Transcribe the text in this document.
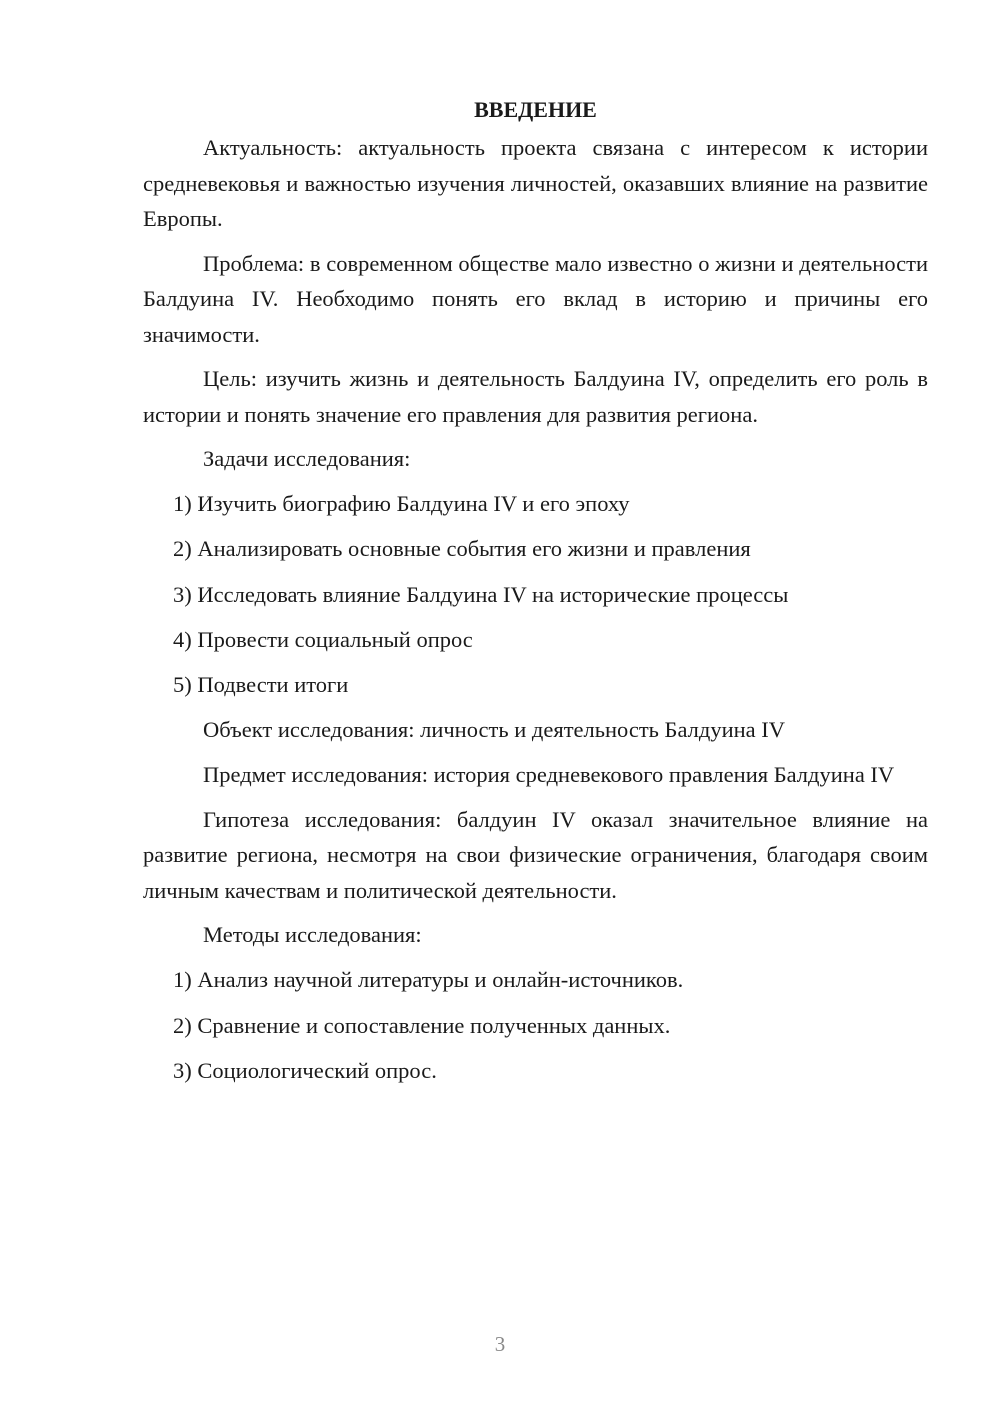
ВВЕДЕНИЕ

Актуальность: актуальность проекта связана с интересом к истории средневековья и важностью изучения личностей, оказавших влияние на развитие Европы.

Проблема: в современном обществе мало известно о жизни и деятельности Балдуина IV. Необходимо понять его вклад в историю и причины его значимости.

Цель: изучить жизнь и деятельность Балдуина IV, определить его роль в истории и понять значение его правления для развития региона.

Задачи исследования:

1) Изучить биографию Балдуина IV и его эпоху

2) Анализировать основные события его жизни и правления

3) Исследовать влияние Балдуина IV на исторические процессы

4) Провести социальный опрос

5) Подвести итоги

Объект исследования: личность и деятельность Балдуина IV

Предмет исследования: история средневекового правления Балдуина IV

Гипотеза исследования: балдуин IV оказал значительное влияние на развитие региона, несмотря на свои физические ограничения, благодаря своим личным качествам и политической деятельности.

Методы исследования:

1) Анализ научной литературы и онлайн-источников.

2) Сравнение и сопоставление полученных данных.

3) Социологический опрос.

3
